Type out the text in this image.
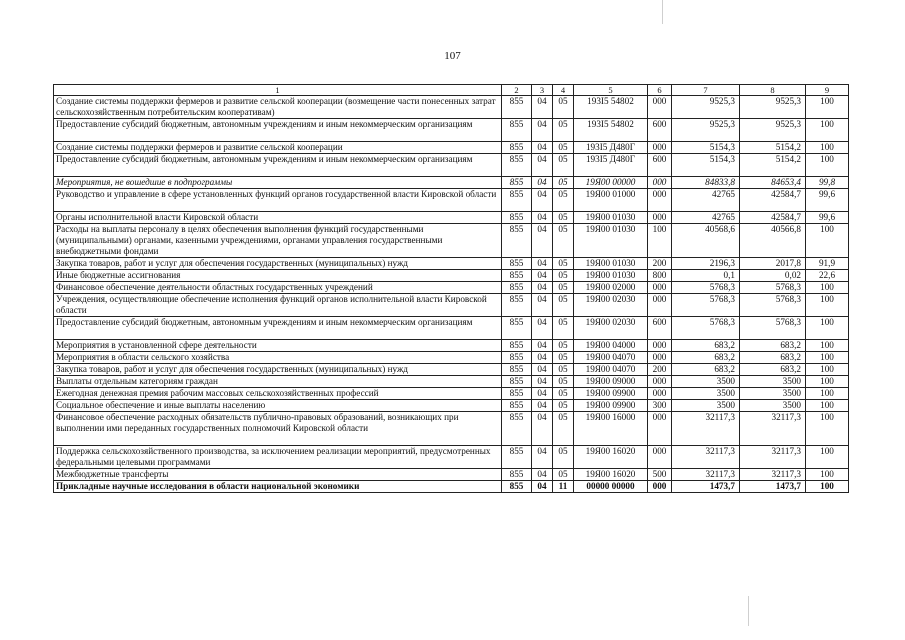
107
1	2	3	4	5	6	7	8	9
Создание системы поддержки фермеров и развитие сельской кооперации (возмещение части понесенных затрат сельскохозяйственным потребительским кооперативам)	855	04	05	193I5 54802	000	9525,3	9525,3	100
Предоставление субсидий бюджетным, автономным учреждениям и иным некоммерческим организациям	855	04	05	193I5 54802	600	9525,3	9525,3	100
Создание системы поддержки фермеров и развитие сельской кооперации	855	04	05	193I5 Д480Г	000	5154,3	5154,2	100
Предоставление субсидий бюджетным, автономным учреждениям и иным некоммерческим организациям	855	04	05	193I5 Д480Г	600	5154,3	5154,2	100
Мероприятия, не вошедшие в подпрограммы	855	04	05	19Я00 00000	000	84833,8	84653,4	99,8
Руководство и управление в сфере установленных функций органов государственной власти Кировской области	855	04	05	19Я00 01000	000	42765	42584,7	99,6
Органы исполнительной власти Кировской области	855	04	05	19Я00 01030	000	42765	42584,7	99,6
Расходы на выплаты персоналу в целях обеспечения выполнения функций государственными (муниципальными) органами, казенными учреждениями, органами управления государственными внебюджетными фондами	855	04	05	19Я00 01030	100	40568,6	40566,8	100
Закупка товаров, работ и услуг для обеспечения государственных (муниципальных) нужд	855	04	05	19Я00 01030	200	2196,3	2017,8	91,9
Иные бюджетные ассигнования	855	04	05	19Я00 01030	800	0,1	0,02	22,6
Финансовое обеспечение деятельности областных государственных учреждений	855	04	05	19Я00 02000	000	5768,3	5768,3	100
Учреждения, осуществляющие обеспечение исполнения функций органов исполнительной власти Кировской области	855	04	05	19Я00 02030	000	5768,3	5768,3	100
Предоставление субсидий бюджетным, автономным учреждениям и иным некоммерческим организациям	855	04	05	19Я00 02030	600	5768,3	5768,3	100
Мероприятия в установленной сфере деятельности	855	04	05	19Я00 04000	000	683,2	683,2	100
Мероприятия в области сельского хозяйства	855	04	05	19Я00 04070	000	683,2	683,2	100
Закупка товаров, работ и услуг для обеспечения государственных (муниципальных) нужд	855	04	05	19Я00 04070	200	683,2	683,2	100
Выплаты отдельным категориям граждан	855	04	05	19Я00 09000	000	3500	3500	100
Ежегодная денежная премия рабочим массовых сельскохозяйственных профессий	855	04	05	19Я00 09900	000	3500	3500	100
Социальное обеспечение и иные выплаты населению	855	04	05	19Я00 09900	300	3500	3500	100
Финансовое обеспечение расходных обязательств публично-правовых образований, возникающих при выполнении ими переданных государственных полномочий Кировской области	855	04	05	19Я00 16000	000	32117,3	32117,3	100
Поддержка сельскохозяйственного производства, за исключением реализации мероприятий, предусмотренных федеральными целевыми программами	855	04	05	19Я00 16020	000	32117,3	32117,3	100
Межбюджетные трансферты	855	04	05	19Я00 16020	500	32117,3	32117,3	100
Прикладные научные исследования в области национальной экономики	855	04	11	00000 00000	000	1473,7	1473,7	100
